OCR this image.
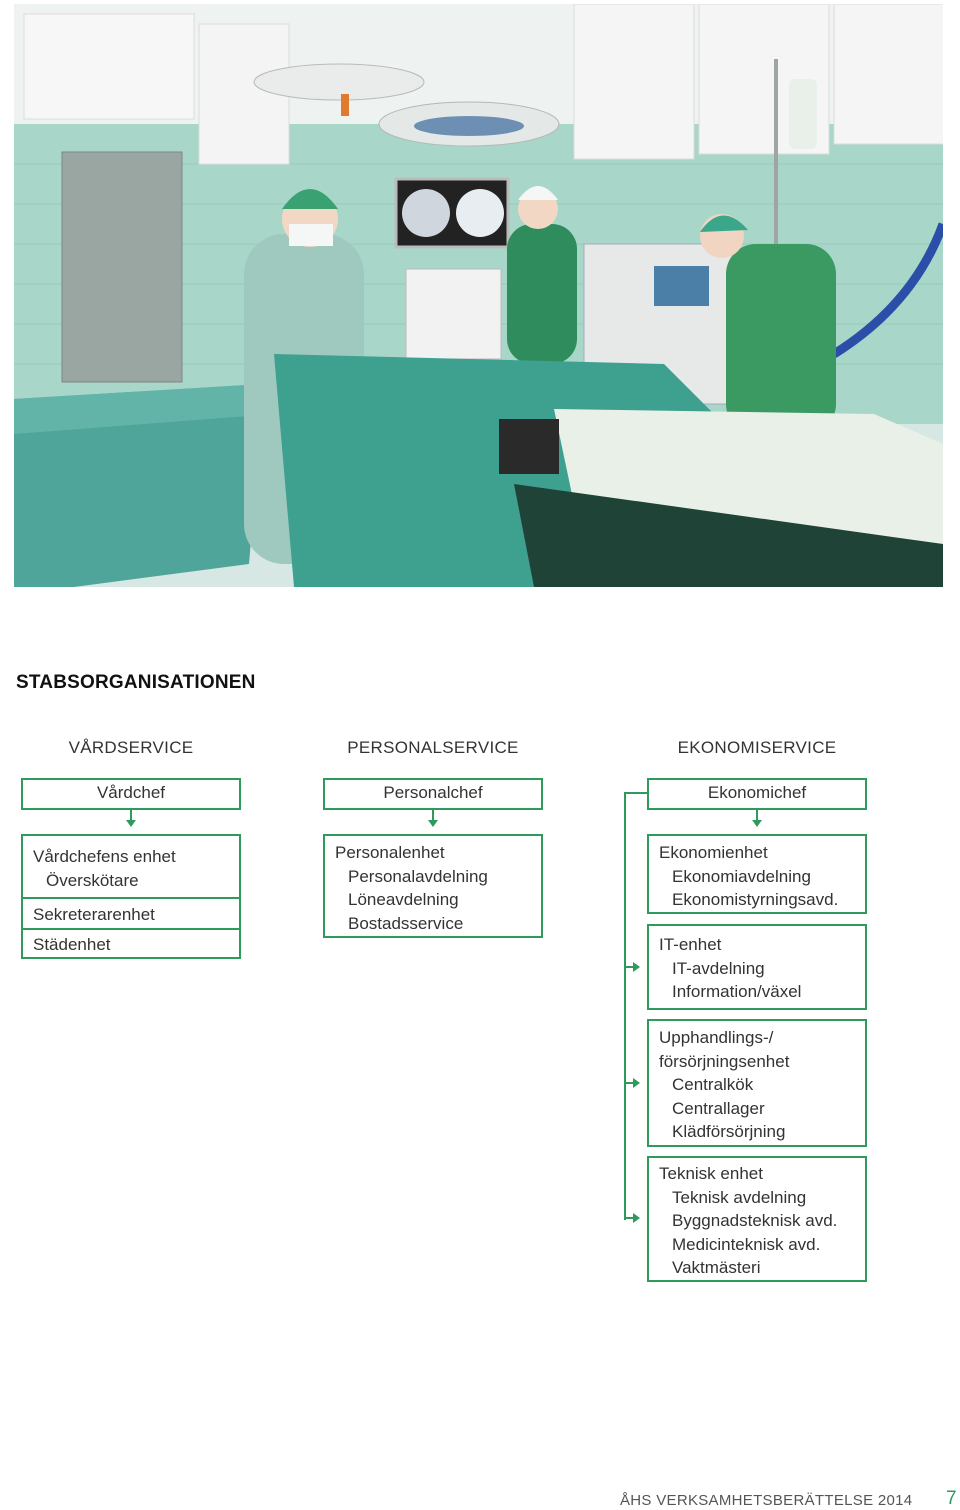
STABSORGANISATIONEN
VÅRDSERVICE
Vårdchef
Vårdchefens enhet
Överskötare
Sekreterarenhet
Städenhet
PERSONALSERVICE
Personalchef
Personalenhet
Personalavdelning
Löneavdelning
Bostadsservice
EKONOMISERVICE
Ekonomichef
Ekonomienhet
Ekonomiavdelning
Ekonomistyrningsavd.
IT-enhet
IT-avdelning
Information/växel
Upphandlings-/
försörjningsenhet
Centralkök
Centrallager
Klädförsörjning
Teknisk enhet
Teknisk avdelning
Byggnadsteknisk avd.
Medicinteknisk avd.
Vaktmästeri
ÅHS VERKSAMHETSBERÄTTELSE 2014 7
